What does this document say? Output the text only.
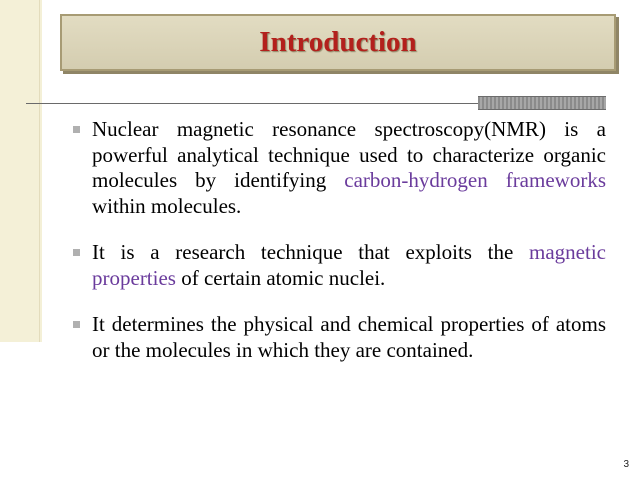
Introduction
Nuclear magnetic resonance spectroscopy(NMR) is a powerful analytical technique used to characterize organic molecules by identifying carbon-hydrogen frameworks within molecules.
It is a research technique that exploits the magnetic properties of certain atomic nuclei.
It determines the physical and chemical properties of atoms or the molecules in which they are contained.
3
